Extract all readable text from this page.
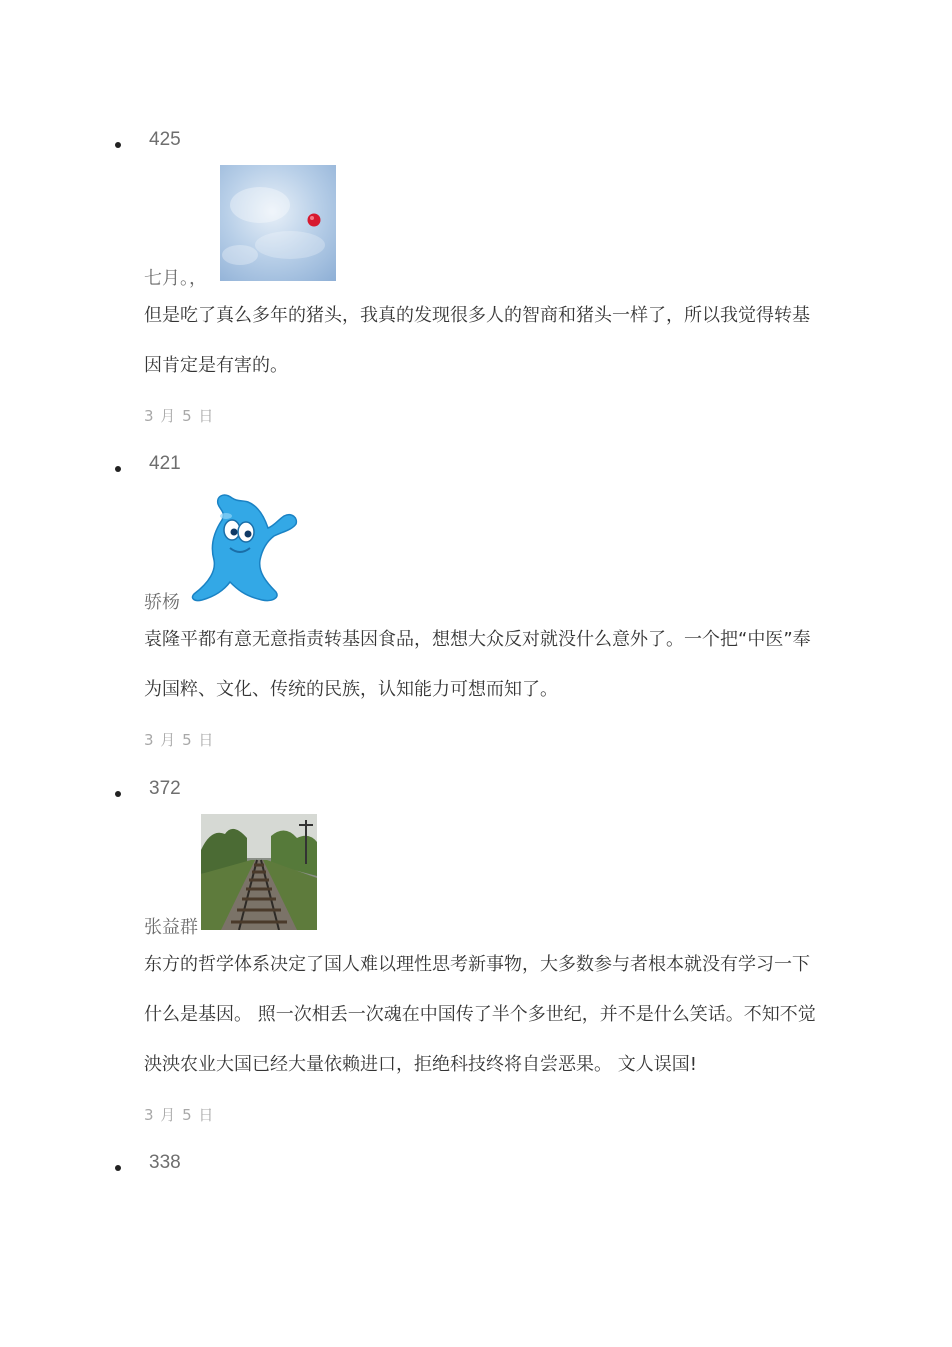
425
七月。，
但是吃了真么多年的猪头，我真的发现很多人的智商和猪头一样了，所以我觉得转基因肯定是有害的。
3 月 5 日
421
骄杨
袁隆平都有意无意指责转基因食品，想想大众反对就没什么意外了。一个把“中医”奉为国粹、文化、传统的民族，认知能力可想而知了。
3 月 5 日
372
张益群
东方的哲学体系决定了国人难以理性思考新事物，大多数参与者根本就没有学习一下什么是基因。 照一次相丢一次魂在中国传了半个多世纪，并不是什么笑话。不知不觉泱泱农业大国已经大量依赖进口，拒绝科技终将自尝恶果。 文人误国!
3 月 5 日
338
